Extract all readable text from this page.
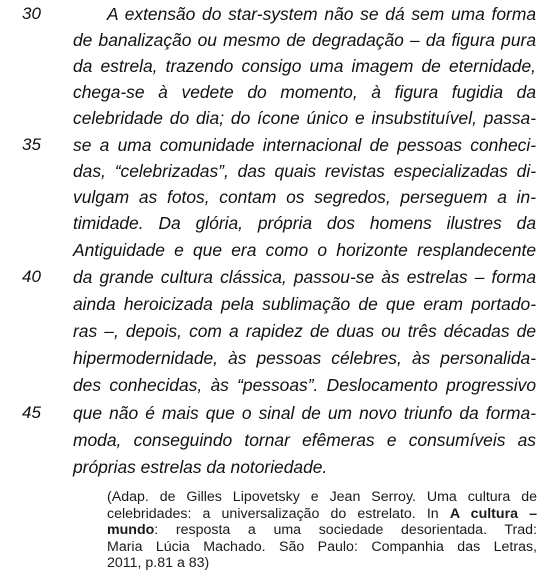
30
35
40
45
A extensão do star-system não se dá sem uma forma
de banalização ou mesmo de degradação – da figura pura
da estrela, trazendo consigo uma imagem de eternidade,
chega-se à vedete do momento, à figura fugidia da
celebridade do dia; do ícone único e insubstituível, passa-
se a uma comunidade internacional de pessoas conheci-
das, “celebrizadas”, das quais revistas especializadas di-
vulgam as fotos, contam os segredos, perseguem a in-
timidade. Da glória, própria dos homens ilustres da
Antiguidade e que era como o horizonte resplandecente
da grande cultura clássica, passou-se às estrelas – forma
ainda heroicizada pela sublimação de que eram portado-
ras –, depois, com a rapidez de duas ou três décadas de
hipermodernidade, às pessoas célebres, às personalida-
des conhecidas, às “pessoas”. Deslocamento progressivo
que não é mais que o sinal de um novo triunfo da forma-
moda, conseguindo tornar efêmeras e consumíveis as
próprias estrelas da notoriedade.
(Adap. de Gilles Lipovetsky e Jean Serroy. Uma cultura de
celebridades: a universalização do estrelato. In A cultura –
mundo: resposta a uma sociedade desorientada. Trad:
Maria Lúcia Machado. São Paulo: Companhia das Letras,
2011, p.81 a 83)
